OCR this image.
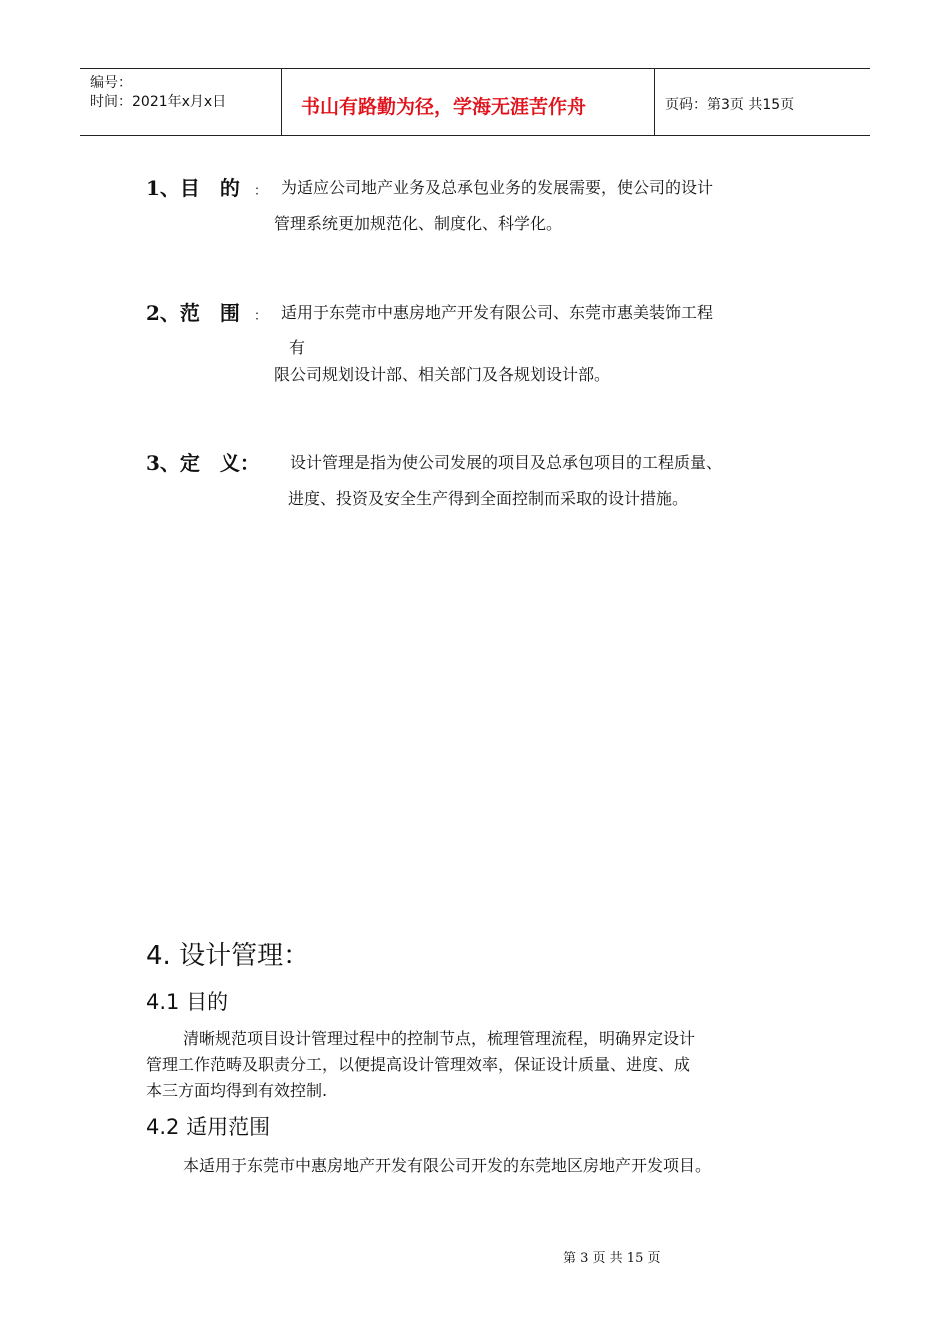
编号：
时间：2021年x月x日	书山有路勤为径，学海无涯苦作舟	页码：第3页 共15页
1、目　的 ： 为适应公司地产业务及总承包业务的发展需要，使公司的设计
管理系统更加规范化、制度化、科学化。
2、范　围 ： 适用于东莞市中惠房地产开发有限公司、东莞市惠美装饰工程
有
限公司规划设计部、相关部门及各规划设计部。
3、定　义： 设计管理是指为使公司发展的项目及总承包项目的工程质量、
进度、投资及安全生产得到全面控制而采取的设计措施。
4. 设计管理：
4.1 目的
清晰规范项目设计管理过程中的控制节点，梳理管理流程，明确界定设计
管理工作范畴及职责分工，以便提高设计管理效率，保证设计质量、进度、成
本三方面均得到有效控制.
4.2 适用范围
本适用于东莞市中惠房地产开发有限公司开发的东莞地区房地产开发项目。
第 3 页 共 15 页
